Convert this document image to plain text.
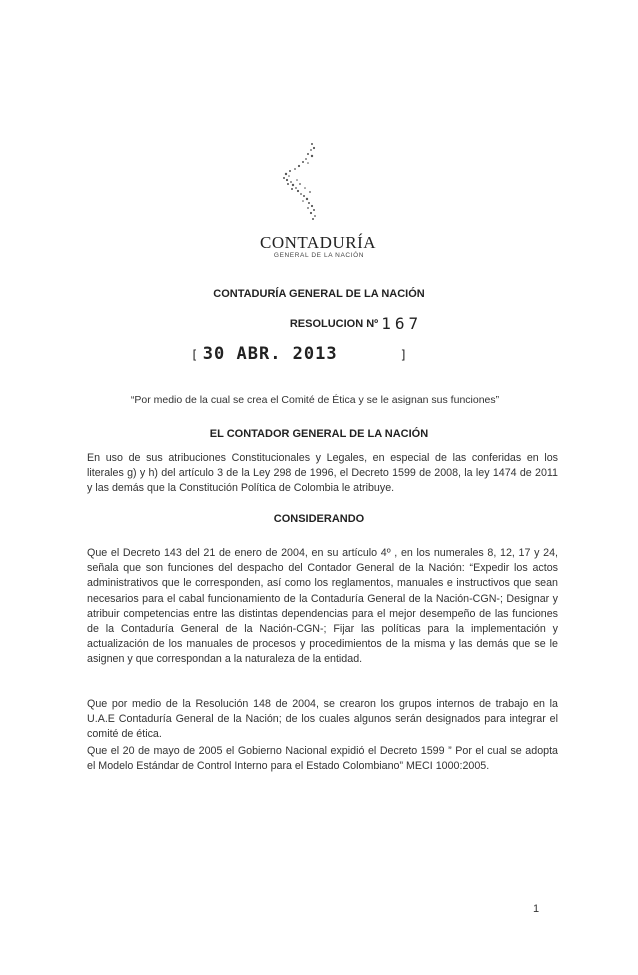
CONTADURÍA
GENERAL DE LA NACIÓN
CONTADURÍA GENERAL DE LA NACIÓN
RESOLUCION Nº 167
[ 30 ABR. 2013	]
“Por medio de la cual se crea el Comité de Ética y se le asignan sus funciones”
EL CONTADOR GENERAL DE LA NACIÓN
En uso de sus atribuciones Constitucionales y Legales, en especial de las conferidas en los literales g) y h) del artículo 3 de la Ley 298 de 1996, el Decreto 1599 de 2008, la ley 1474 de 2011 y las demás que la Constitución Política de Colombia le atribuye.
CONSIDERANDO
Que el Decreto 143 del 21 de enero de 2004, en su artículo 4º , en los numerales 8, 12, 17 y 24, señala que son funciones del despacho del Contador General de la Nación: “Expedir los actos administrativos que le corresponden, así como los reglamentos, manuales e instructivos que sean necesarios para el cabal funcionamiento de la Contaduría General de la Nación-CGN-; Designar y atribuir competencias entre las distintas dependencias para el mejor desempeño de las funciones de la Contaduría General de la Nación-CGN-; Fijar las políticas para la implementación y actualización de los manuales de procesos y procedimientos de la misma y las demás que se le asignen y que correspondan a la naturaleza de la entidad.
Que por medio de la Resolución 148 de 2004, se crearon los grupos internos de trabajo en la U.A.E Contaduría General de la Nación; de los cuales algunos serán designados para integrar el comité de ética.
Que el 20 de mayo de 2005 el Gobierno Nacional expidió el Decreto 1599 ” Por el cual se adopta el Modelo Estándar de Control Interno para el Estado Colombiano” MECI 1000:2005.
1
